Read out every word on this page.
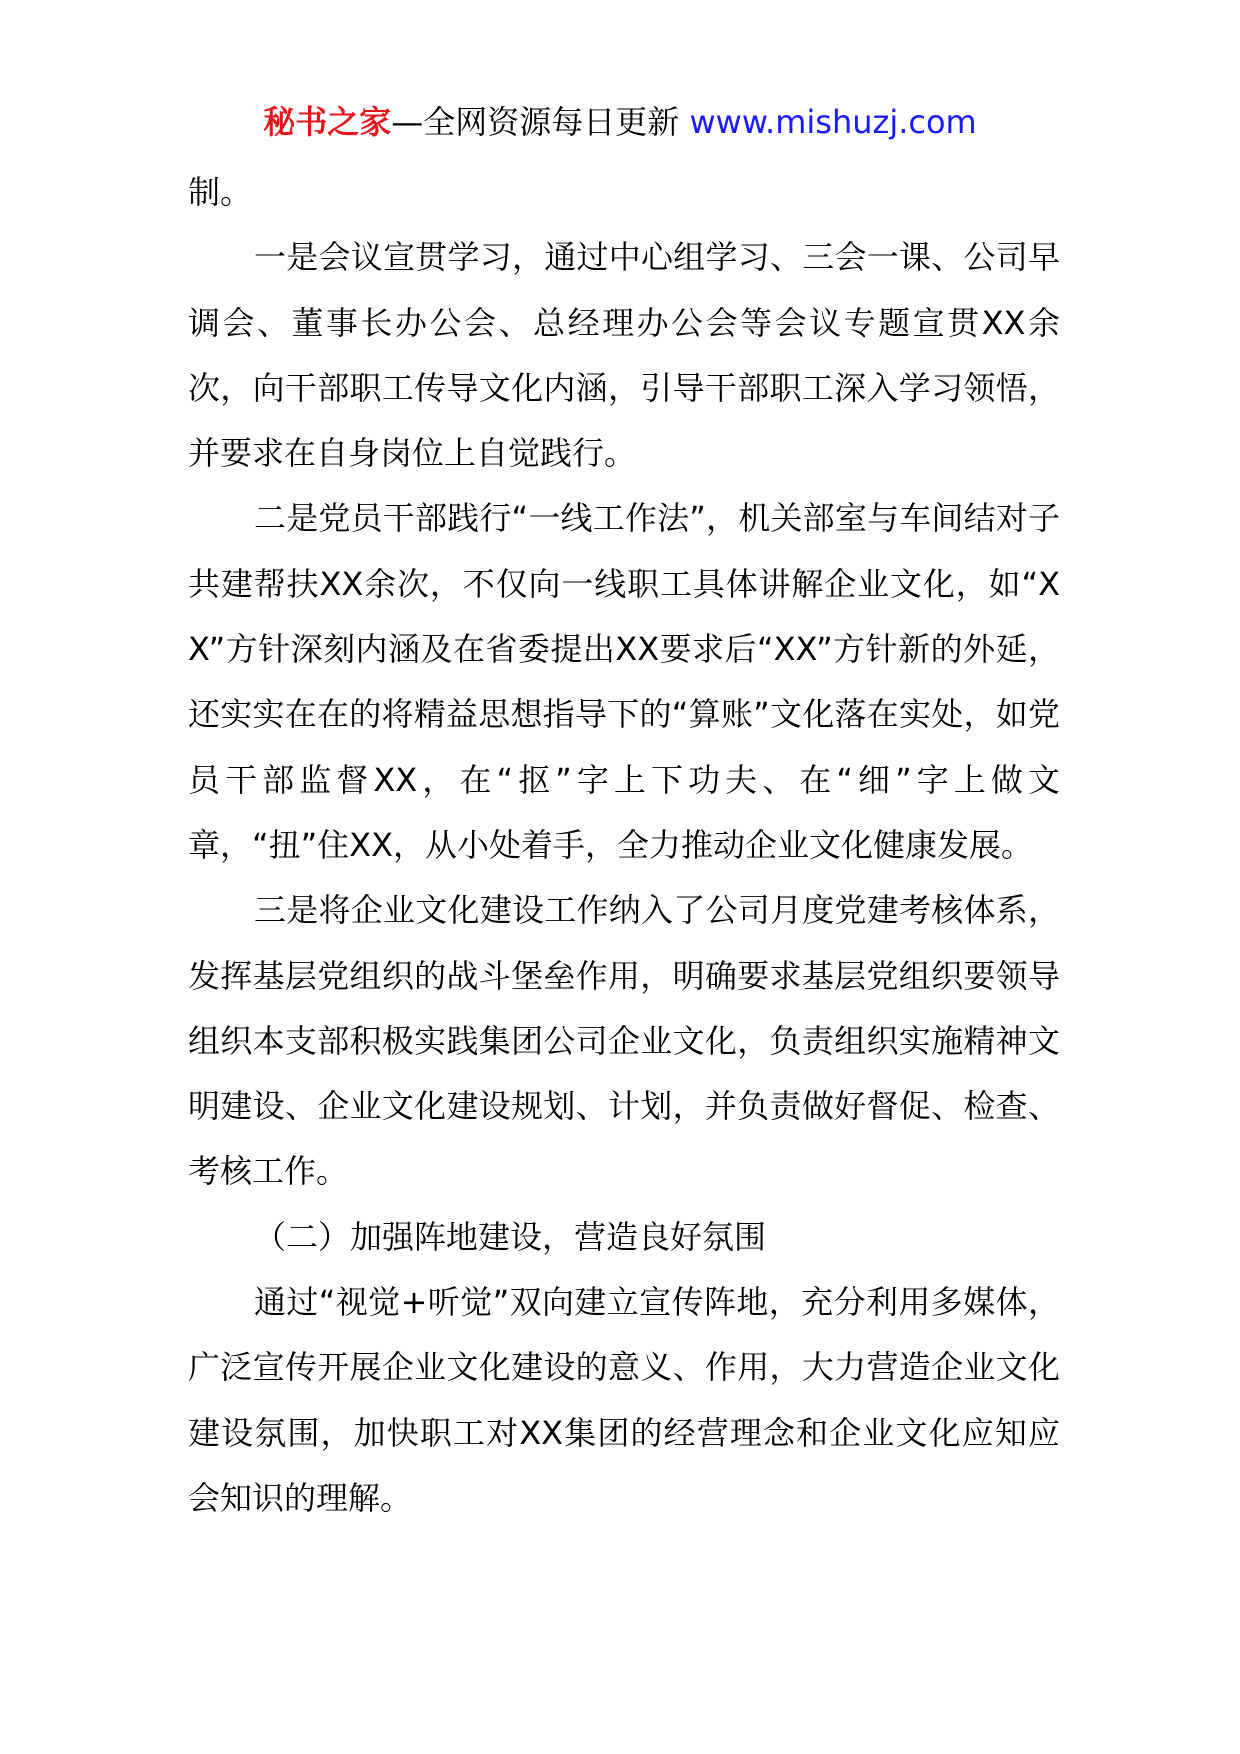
秘书之家—全网资源每日更新 www.mishuzj.com

制。

一是会议宣贯学习，通过中心组学习、三会一课、公司早调会、董事长办公会、总经理办公会等会议专题宣贯XX余次，向干部职工传导文化内涵，引导干部职工深入学习领悟，并要求在自身岗位上自觉践行。

二是党员干部践行“一线工作法”，机关部室与车间结对子共建帮扶XX余次，不仅向一线职工具体讲解企业文化，如“XX”方针深刻内涵及在省委提出XX要求后“XX”方针新的外延，还实实在在的将精益思想指导下的“算账”文化落在实处，如党员干部监督XX，在“抠”字上下功夫、在“细”字上做文章，“扭”住XX，从小处着手，全力推动企业文化健康发展。

三是将企业文化建设工作纳入了公司月度党建考核体系，发挥基层党组织的战斗堡垒作用，明确要求基层党组织要领导组织本支部积极实践集团公司企业文化，负责组织实施精神文明建设、企业文化建设规划、计划，并负责做好督促、检查、考核工作。

（二）加强阵地建设，营造良好氛围

通过“视觉+听觉”双向建立宣传阵地，充分利用多媒体，广泛宣传开展企业文化建设的意义、作用，大力营造企业文化建设氛围，加快职工对XX集团的经营理念和企业文化应知应会知识的理解。
